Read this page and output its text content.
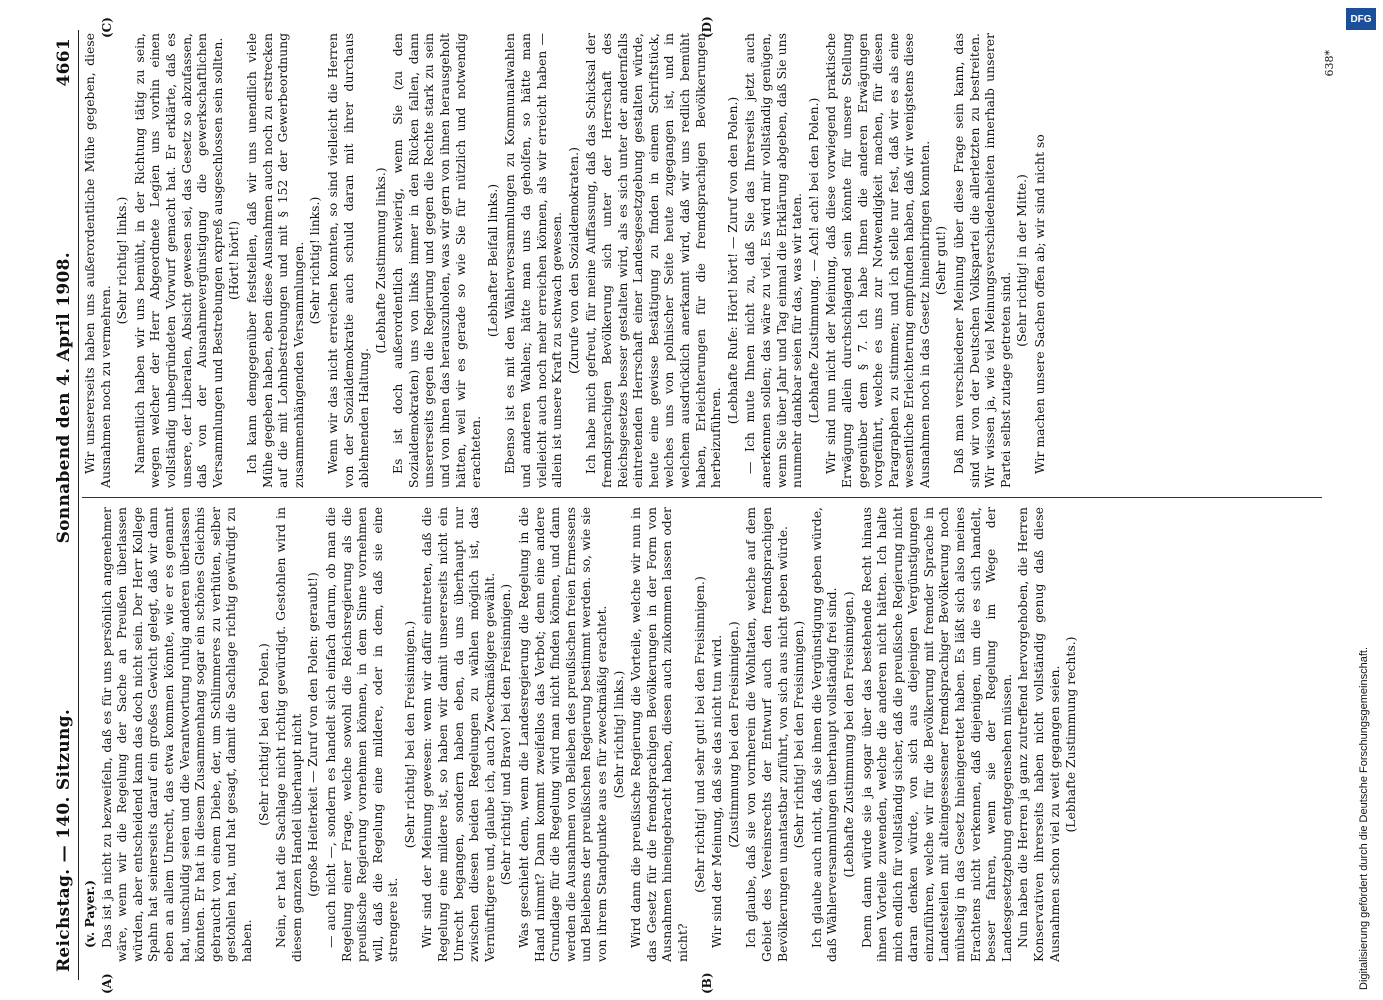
Reichstag. — 140. Sitzung.
Sonnabend den 4. April 1908.
4661
(A)	(B)
(C)	(D)

(v. Payer.) Das ist ja nicht zu bezweifeln, daß es für uns persönlich angenehmer wäre, wenn wir die Regelung der Sache an Preußen überlassen würden, aber entscheidend kann das doch nicht sein. Der Herr Kollege Spahn hat seinerseits darauf ein großes Gewicht gelegt, daß wir dann eben an allem Unrecht, das etwa kommen könnte, wie er es genannt hat, unschuldig seien und die Verantwortung ruhig anderen überlassen könnten. Er hat in diesem Zusammenhang sogar ein schönes Gleichnis gebraucht von einem Diebe, der, um Schlimmeres zu verhüten, selber gestohlen hat, und hat gesagt, damit die Sachlage richtig gewürdigt zu haben.

(Sehr richtig! bei den Polen.) Nein, er hat die Sachlage nicht richtig gewürdigt. Gestohlen wird in diesem ganzen Handel überhaupt nicht (große Heiterkeit — Zuruf von den Polen: geraubt!) — auch nicht —, sondern es handelt sich einfach darum, ob man die Regelung einer Frage, welche sowohl die Reichsregierung als die preußische Regierung vornehmen können, in dem Sinne vornehmen will, daß die Regelung eine mildere, oder in dem, daß sie eine strengere ist.

(Sehr richtig! bei den Freisinnigen.) Wir sind der Meinung gewesen: wenn wir dafür eintreten, daß die Regelung eine mildere ist, so haben wir damit unsererseits nicht ein Unrecht begangen, sondern haben eben, da uns überhaupt nur zwischen diesen beiden Regelungen zu wählen möglich ist, das Vernünftigere und, glaube ich, auch Zweckmäßigere gewählt. (Sehr richtig! und Bravo! bei den Freisinnigen.) Was geschieht denn, wenn die Landesregierung die Regelung in die Hand nimmt? Dann kommt zweifellos das Verbot; denn eine andere Grundlage für die Regelung wird man nicht finden können, und dann werden die Ausnahmen von Belieben des preußischen freien Ermessens und Beliebens der preußischen Regierung bestimmt werden. so, wie sie von ihrem Standpunkte aus es für zweckmäßig erachtet. (Sehr richtig! links.) Wird dann die preußische Regierung die Vorteile, welche wir nun in das Gesetz für die fremdsprachigen Bevölkerungen in der Form von Ausnahmen hineingebracht haben, diesen auch zukommen lassen oder nicht?

(Sehr richtig! und sehr gut! bei den Freisinnigen.) Wir sind der Meinung, daß sie das nicht tun wird. (Zustimmung bei den Freisinnigen.) Ich glaube, daß sie von vornherein die Wohltaten, welche auf dem Gebiet des Vereinsrechts der Entwurf auch den fremdsprachigen Bevölkerungen unantastbar zuführt, von sich aus nicht geben würde. (Sehr richtig! bei den Freisinnigen.) Ich glaube auch nicht, daß sie ihnen die Vergünstigung geben würde, daß Wählerversammlungen überhaupt vollständig frei sind. (Lebhafte Zustimmung bei den Freisinnigen.) Denn dann würde sie ja sogar über das bestehende Recht hinaus ihnen Vorteile zuwenden, welche die anderen nicht hätten. Ich halte mich endlich für vollständig sicher, daß die preußische Regierung nicht daran denken würde, von sich aus diejenigen Vergünstigungen einzuführen, welche wir für die Bevölkerung mit fremder Sprache in Landesteilen mit alteingesessener fremdsprachiger Bevölkerung noch mühselig in das Gesetz hineingerettet haben. Es läßt sich also meines Erachtens nicht verkennen, daß diejenigen, um die es sich handelt, besser fahren, wenn sie der Regelung im Wege der Landesgesetzgebung entgegensehen müssen. Nun haben die Herren ja ganz zutreffend hervorgehoben, die Herren Konservativen ihrerseits haben nicht vollständig genug daß diese Ausnahmen schon viel zu weit gegangen seien. (Lebhafte Zustimmung rechts.)

Wir unsererseits haben uns außerordentliche Mühe gegeben, diese Ausnahmen noch zu vermehren.

(Sehr richtig! links.) Namentlich haben wir uns bemüht, in der Richtung tätig zu sein, wegen welcher der Herr Abgeordnete Legien uns vorhin einen vollständig unbegründeten Vorwurf gemacht hat. Er erklärte, daß es unsere, der Liberalen, Absicht gewesen sei, das Gesetz so abzufassen, daß von der Ausnahmevergünstigung die gewerkschaftlichen Versammlungen und Bestrebungen expreß ausgeschlossen sein sollten. (Hört! hört!) Ich kann demgegenüber feststellen, daß wir uns unendlich viele Mühe gegeben haben, eben diese Ausnahmen auch noch zu erstrecken auf die mit Lohnbestrebungen und mit § 152 der Gewerbeordnung zusammenhängenden Versammlungen. (Sehr richtig! links.) Wenn wir das nicht erreichen konnten, so sind vielleicht die Herren von der Sozialdemokratie auch schuld daran mit ihrer durchaus ablehnenden Haltung.

(Lebhafte Zustimmung links.) Es ist doch außerordentlich schwierig, wenn Sie (zu den Sozialdemokraten) uns von links immer in den Rücken fallen, dann unsererseits gegen die Regierung und gegen die Rechte stark zu sein und von ihnen das herauszuholen, was wir gern von ihnen herausgeholt hätten, weil wir es gerade so wie Sie für nützlich und notwendig erachteten.

(Lebhafter Beifall links.) Ebenso ist es mit den Wählerversammlungen zu Kommunalwahlen und anderen Wahlen; hätte man uns da geholfen, so hätte man vielleicht auch noch mehr erreichen können, als wir erreicht haben — allein ist unsere Kraft zu schwach gewesen. (Zurufe von den Sozialdemokraten.) Ich habe mich gefreut, für meine Auffassung, daß das Schicksal der fremdsprachigen Bevölkerung sich unter der Herrschaft des Reichsgesetzes besser gestalten wird, als es sich unter der andernfalls eintretenden Herrschaft einer Landesgesetzgebung gestalten würde, heute eine gewisse Bestätigung zu finden in einem Schriftstück, welches uns von polnischer Seite heute zugegangen ist, und in welchem ausdrücklich anerkannt wird, daß wir uns redlich bemüht haben, Erleichterungen für die fremdsprachigen Bevölkerungen herbeizuführen.

(Lebhafte Rufe: Hört! hört! — Zuruf von den Polen.) — Ich mute Ihnen nicht zu, daß Sie das Ihrerseits jetzt auch anerkennen sollen; das wäre zu viel. Es wird mir vollständig genügen, wenn Sie über Jahr und Tag einmal die Erklärung abgeben, daß Sie uns nunmehr dankbar seien für das, was wir taten. (Lebhafte Zustimmung. — Ach! ach! bei den Polen.) Wir sind nun nicht der Meinung, daß diese vorwiegend praktische Erwägung allein durchschlagend sein könnte für unsere Stellung gegenüber dem § 7. Ich habe Ihnen die anderen Erwägungen vorgeführt, welche es uns zur Notwendigkeit machen, für diesen Paragraphen zu stimmen; und ich stelle nur fest, daß wir es als eine wesentliche Erleichterung empfunden haben, daß wir wenigstens diese Ausnahmen noch in das Gesetz hineinbringen konnten. (Sehr gut!) Daß man verschiedener Meinung über diese Frage sein kann, das sind wir von der Deutschen Volkspartei die allerletzten zu bestreiten. Wir wissen ja, wie viel Meinungsverschiedenheiten innerhalb unserer Partei selbst zutage getreten sind.

(Sehr richtig! in der Mitte.) Wir machen unsere Sachen offen ab; wir sind nicht so

638*
DFG
Digitalisierung gefördert durch die Deutsche Forschungsgemeinschaft.
